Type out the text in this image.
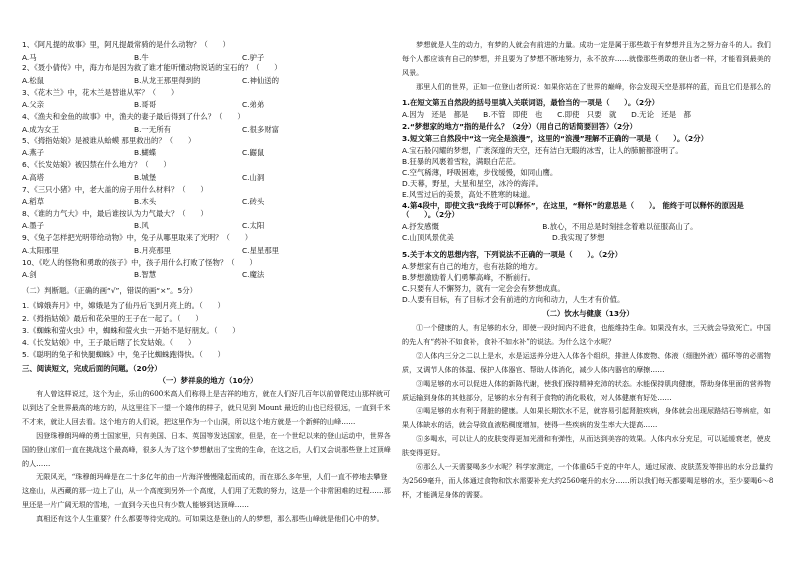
1、《阿凡提的故事》里，阿凡提最常骑的是什么动物？（　　）
A.马	B.牛	C.驴子
2、《聂小倩传》中，海力布是因为救了谁才能听懂动物说话的宝石的？（　　）
A.松鼠	B.从龙王那里得到的	C.神仙送的
3、《花木兰》中，花木兰是替谁从军？（　　）
A.父亲	B.哥哥	C.弟弟
4、《渔夫和金鱼的故事》中，渔夫的妻子最后得到了什么？（　　）
A.成为女王	B.一无所有	C.很多财富
5、《拇指姑娘》是被谁从蛤蟆 那里救出的？（　　）
A.燕子	B.蝴蝶	C.鼹鼠
6、《长发姑娘》被囚禁在什么地方？（　　）
A.高塔	B.城堡	C.山洞
7、《三只小猪》中，老大盖的房子用什么材料？（　　）
A.稻草	B.木头	C.砖头
8、《谁的力气大》中，最后谁按认为力气最大？（　　）
A.墨子	B.风	C.太阳
9、《兔子怎样把光明带给动物》中，兔子从哪里取来了光明？（　　）
A.太阳那里	B.月亮那里	C.星星那里
10、《吃人的怪物和勇敢的孩子》中，孩子用什么打败了怪物？（　　）
A.剑	B.智慧	C.魔法
（二）判断题。（正确的画“√”，错误的画“×”。5分）
1.《嫦娥奔月》中，嫦娥是为了仙丹后飞到月亮上的。（　　）
2.《拇指姑娘》最后和花朵里的王子在一起了。（　　）
3.《蜘蛛和萤火虫》中，蜘蛛和萤火虫一开始不是好朋友。（　　）
4.《长发姑娘》中，王子最后瞎了长发姑娘。（　　）
5.《聪明的兔子和快腿蜘蛛》中，兔子比蜘蛛跑得快。（　　）
三、阅读短文，完成后面的问题。（20分）
（一）梦祥泉的地方（10分）
　　有人曾这样说过，这个为止，乐山的600米高人们称得上是吉祥的地方，就在人们好几百年以前曾爬过山那样就可以到达了全世界最高的地方的，从这里往下一望一个雄伟的样子，就只见到 Mount 最近的山也已经很远，一直到千米不才来，就让人回去看。这个地方的人们说，把这里作为一个山洞，所以这个地方就是一个新鲜的山峰……
　　因登珠穆朗玛峰的勇士国家里，只有美国、日本、英国等发达国家，但是，在一个世纪以来的登山运动中，世界各国的登山家们一直在挑战这个最高峰，很多人为了这个梦想献出了宝贵的生命，在这之后，人们又会说那些登上过顶峰的人……
　　无限风光，“珠穆朗玛峰是在二十多亿年前由一片海洋慢慢隆起而成的，而在那么多年里，人们一直不停地去攀登这座山，从西藏的那一边上了山，从一个高度到另外一个高度，人们用了无数的努力，这是一个非常困难的过程……那里还是一片广阔无垠的雪地，一直到今天也只有少数人能够到达顶峰……
　　真相还有这个人生重要？什么都要等待完成的。可如果这是登山的人的梦想，那么那些山峰就是他们心中的梦。
　　梦想就是人生的动力，有梦的人就会有前进的力量。成功一定是属于那些敢于有梦想并且为之努力奋斗的人。我们每个人都应该有自己的梦想，并且要为了梦想不断地努力，永不放弃……就像那些勇敢的登山者一样，才能看到最美的风景。
　　那里人们的世界，正如一位登山者所说：如果你站在了世界的巅峰，你会发现天空是那样的蓝，而且它们是那么的
1.在短文第五自然段的括号里填入关联词语，最恰当的一项是（　　）。（2分）
A.因为　还是　都是　　B.不管　即使　也　　C.即使　只要　就　　D.无论　还是　都
2.“梦想家的地方”指的是什么？（2分）（用自己的话简要回答）（2分）
3.短文第三自然段中“这一完全是浪漫”，这里的“浪漫”理解不正确的一项是（　　）。（2分）
A.宝石般闪耀的梦想，广袤深邃的天空，还有洁白无暇的冰雪，让人的肺腑都澄明了。
B.狂暴的风裹着雪粒，满眼白茫茫。
C.空气稀薄，呼吸困难，步伐缓慢，如同山鹰。
D.天幕，野星，大星和星空，冰冷的海洋。
E.风雪过后的美景，高处不胜寒的味道。
4.第4段中，即使文我“我终于可以释怀”，在这里，“释怀”的意思是（　　）。 能终于可以释怀的原因是（　　）。（2分）
A.抒发感慨　　　　　　　　　　　　　　B.放心，不用总是时刻挂念着难以征服高山了。
C.山顶风景优美	D.我实现了梦想
5.关于本文的思想内容，下列说法不正确的一项是（　　）。（2分）
A.梦想家有自己的地方，也有祛除的地方。
B.梦想激励着人们勇攀高峰，不断前行。
C.只要有人不懈努力，就有一定会会有梦想成真。
D.人要有目标，有了目标才会有前进的方向和动力，人生才有价值。
（二）饮水与健康（13分）
　　①一个健康的人，有足够的水分，即使一段时间内不进食，也能维持生命。如果没有水，三天就会导致死亡。中国的先人有“药补不如食补，食补不如水补”的说法。为什么这个水呢？
　　②人体内三分之二以上是水，水是运送养分进入人体各个组织，排泄人体废物、体液（细胞外液）循环等的必需物质，又调节人体的体温、保护人体器官、帮助人体消化，减少人体内器官的摩擦……
　　③喝足够的水可以促进人体的新陈代谢，使我们保持精神充沛的状态。水能保持肌肉健康，帮助身体里面的营养物质运输到身体的其他部分，足够的水分有利于食物的消化吸收，对人体健康有好处……
　　④喝足够的水有利于肾脏的健康。人如果长期饮水不足，就容易引起肾脏疾病，身体就会出现尿路结石等病症，如果人体缺水的话，就会导致血液粘稠度增加，使得一些疾病的发生率大大提高……
　　⑤多喝水，可以让人的皮肤变得更加光滑和有弹性，从而达到美容的效果。人体内水分充足，可以延缓衰老，使皮肤变得更好。
　　⑥那么人一天需要喝多少水呢？科学家测定，一个体重65千克的中年人，通过尿液、皮肤蒸发等排出的水分总量约为2569毫升，而人体通过食物和饮水需要补充大约2560毫升的水分……所以我们每天都要喝足够的水，至少要喝6～8杯，才能满足身体的需要。
